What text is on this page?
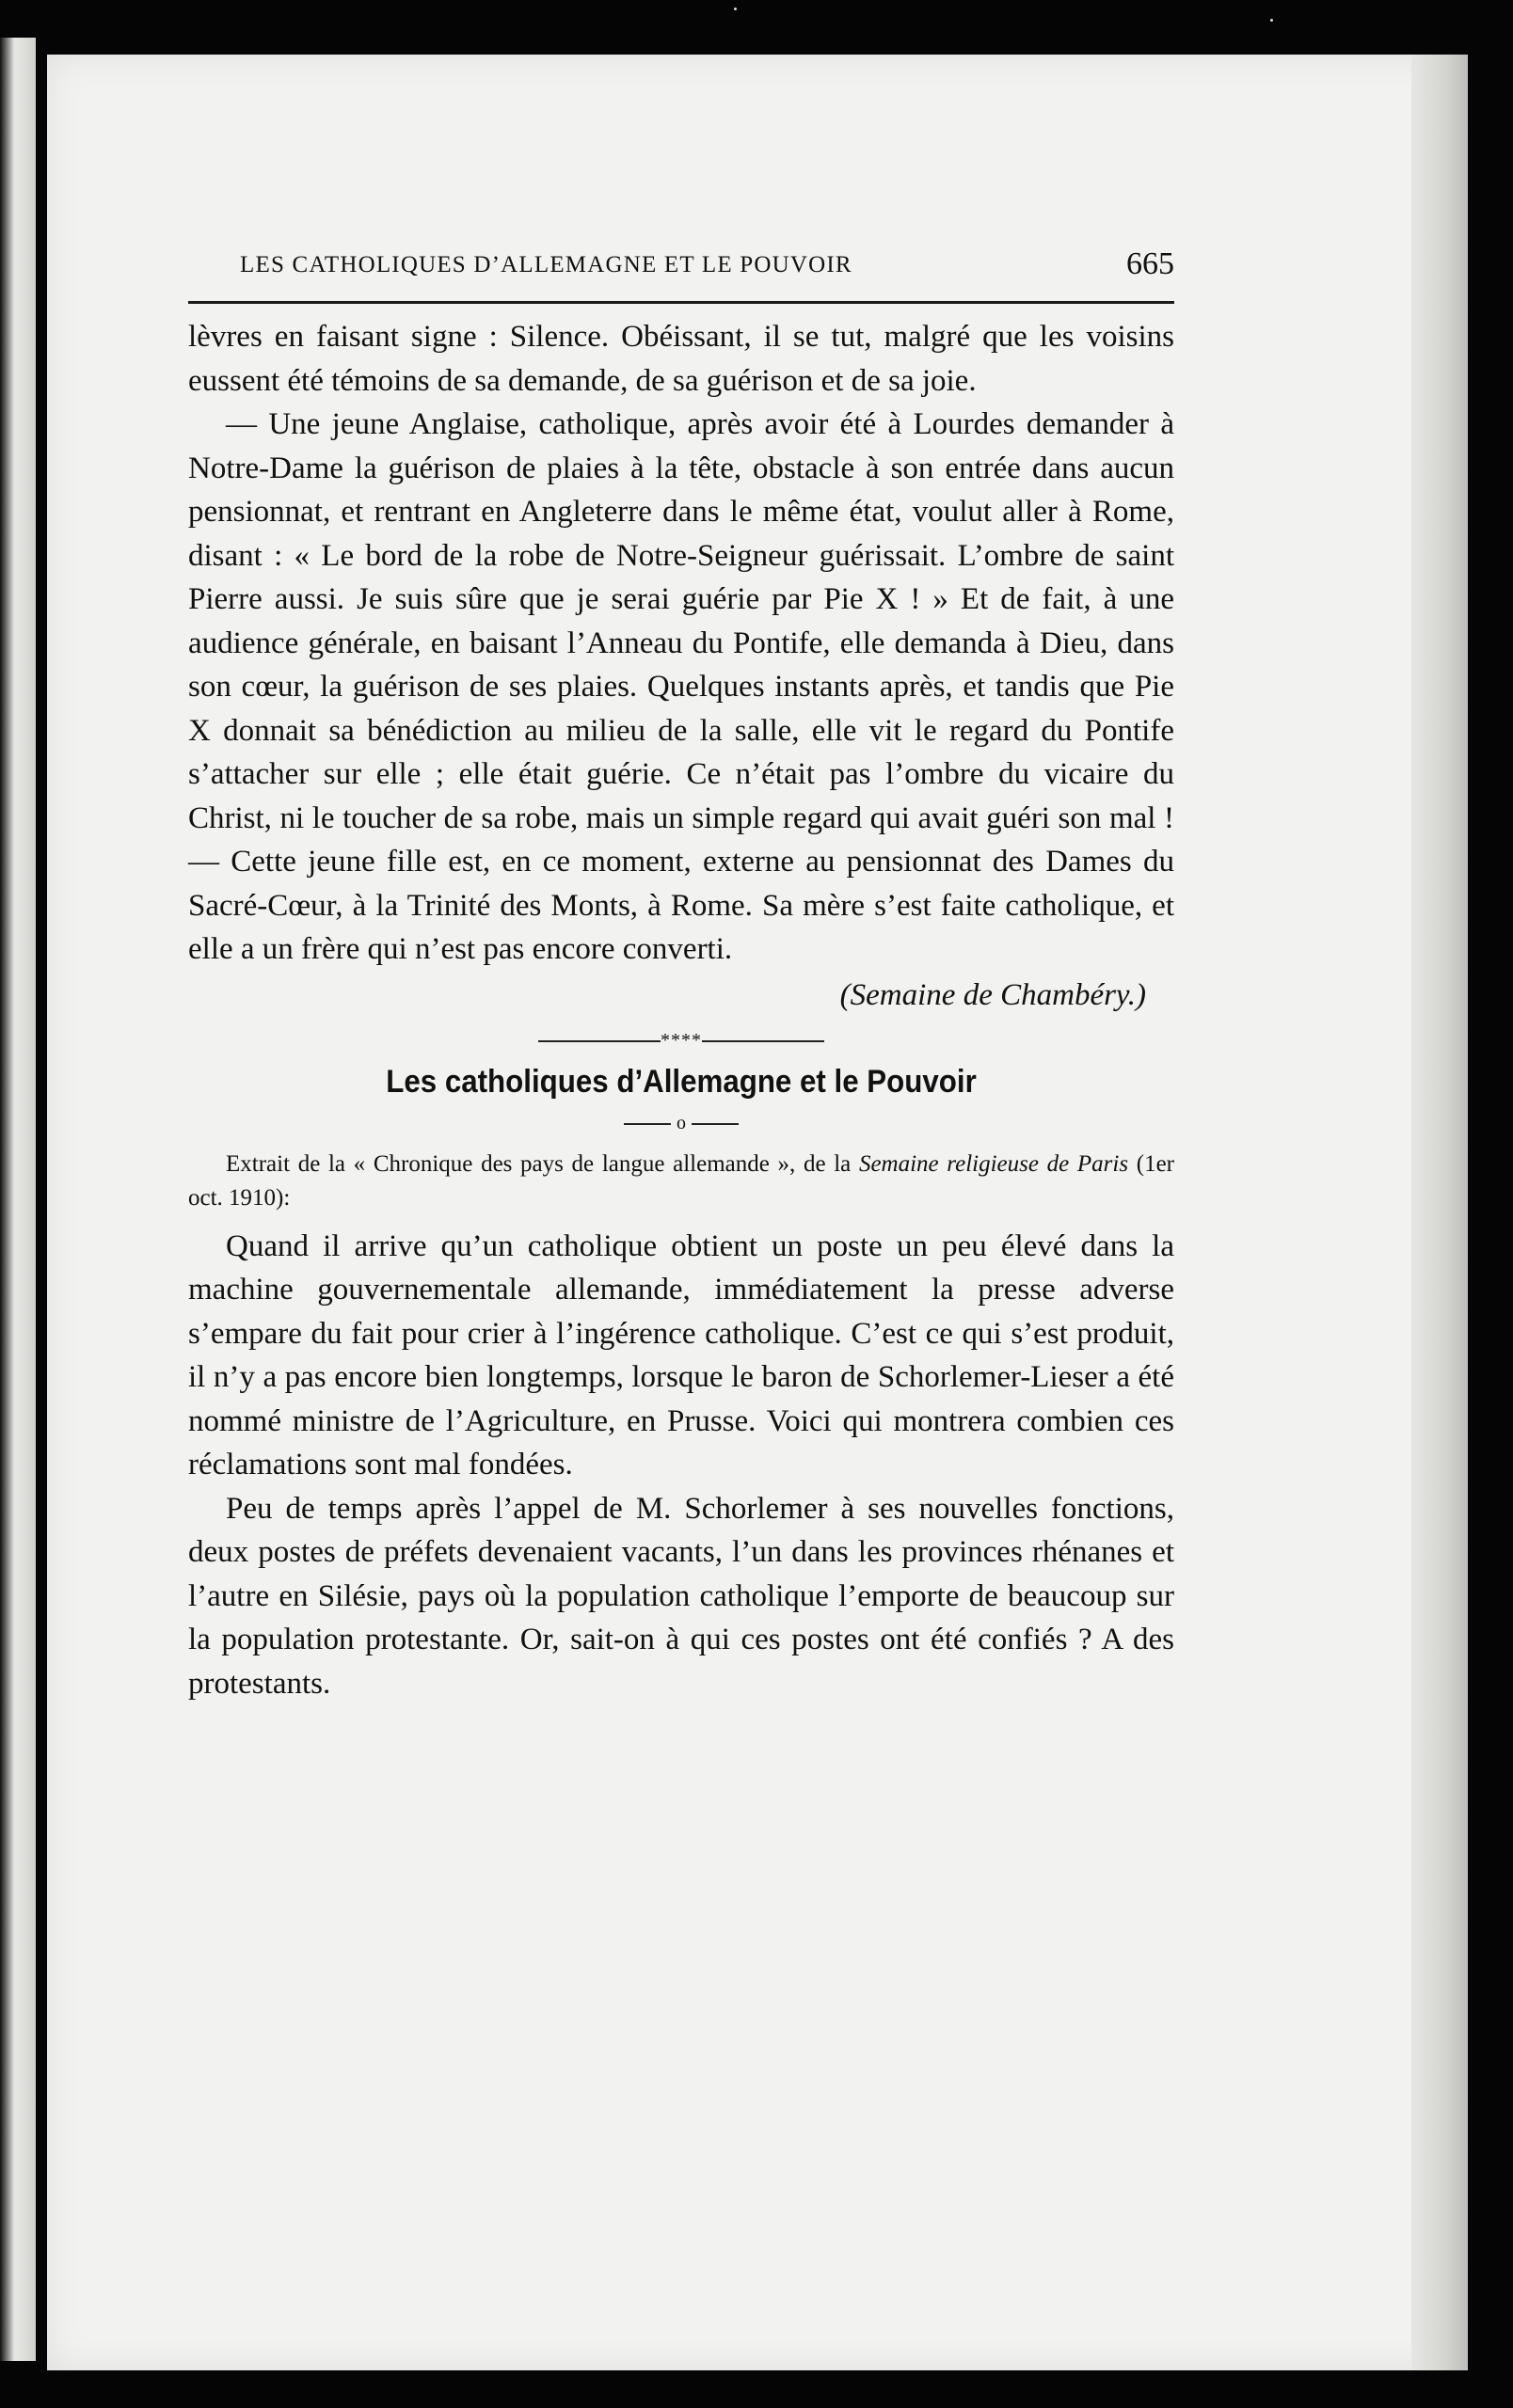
LES CATHOLIQUES D’ALLEMAGNE ET LE POUVOIR	665

lèvres en faisant signe : Silence. Obéissant, il se tut, malgré que les voisins eussent été témoins de sa demande, de sa guérison et de sa joie.

— Une jeune Anglaise, catholique, après avoir été à Lourdes demander à Notre-Dame la guérison de plaies à la tête, obstacle à son entrée dans aucun pensionnat, et rentrant en Angleterre dans le même état, voulut aller à Rome, disant : « Le bord de la robe de Notre-Seigneur guérissait. L’ombre de saint Pierre aussi. Je suis sûre que je serai guérie par Pie X ! » Et de fait, à une audience générale, en baisant l’Anneau du Pontife, elle demanda à Dieu, dans son cœur, la guérison de ses plaies. Quelques instants après, et tandis que Pie X donnait sa bénédiction au milieu de la salle, elle vit le regard du Pontife s’attacher sur elle ; elle était guérie. Ce n’était pas l’ombre du vicaire du Christ, ni le toucher de sa robe, mais un simple regard qui avait guéri son mal ! — Cette jeune fille est, en ce moment, externe au pensionnat des Dames du Sacré-Cœur, à la Trinité des Monts, à Rome. Sa mère s’est faite catholique, et elle a un frère qui n’est pas encore converti.

(Semaine de Chambéry.)
****
Les catholiques d’Allemagne et le Pouvoir
o

Extrait de la « Chronique des pays de langue allemande », de la Semaine religieuse de Paris (1er oct. 1910):

Quand il arrive qu’un catholique obtient un poste un peu élevé dans la machine gouvernementale allemande, immédiatement la presse adverse s’empare du fait pour crier à l’ingérence catholique. C’est ce qui s’est produit, il n’y a pas encore bien longtemps, lorsque le baron de Schorlemer-Lieser a été nommé ministre de l’Agriculture, en Prusse. Voici qui montrera combien ces réclamations sont mal fondées.

Peu de temps après l’appel de M. Schorlemer à ses nouvelles fonctions, deux postes de préfets devenaient vacants, l’un dans les provinces rhénanes et l’autre en Silésie, pays où la population catholique l’emporte de beaucoup sur la population protestante. Or, sait-on à qui ces postes ont été confiés ? A des protestants.
